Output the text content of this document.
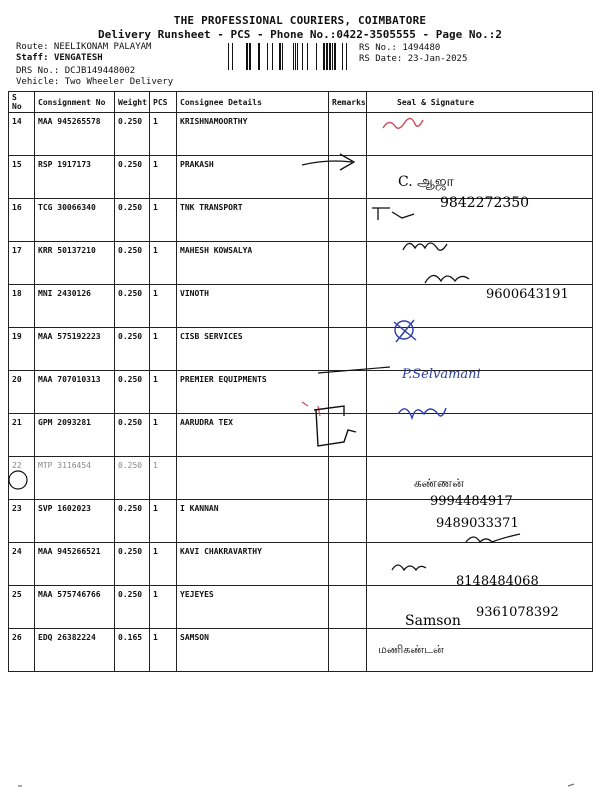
THE PROFESSIONAL COURIERS, COIMBATORE
Delivery Runsheet - PCS - Phone No.:0422-3505555 - Page No.:2
Route: NEELIKONAM PALAYAM
Staff: VENGATESH
DRS No.: DCJB149448002
Vehicle: Two Wheeler Delivery
RS No.: 1494480
RS Date: 23-Jan-2025
S No	Consignment No	Weight	PCS	Consignee Details	Remarks	Seal & Signature
14	MAA 945265578	0.250	1	KRISHNAMOORTHY		
15	RSP 1917173	0.250	1	PRAKASH		
16	TCG 30066340	0.250	1	TNK TRANSPORT		
17	KRR 50137210	0.250	1	MAHESH KOWSALYA		
18	MNI 2430126	0.250	1	VINOTH		
19	MAA 575192223	0.250	1	CISB SERVICES		
20	MAA 707010313	0.250	1	PREMIER EQUIPMENTS		
21	GPM 2093281	0.250	1	AARUDRA TEX		
22	MTP 3116454	0.250	1			
23	SVP 1602023	0.250	1	I KANNAN		
24	MAA 945266521	0.250	1	KAVI CHAKRAVARTHY		
25	MAA 575746766	0.250	1	YEJEYES		
26	EDQ 26382224	0.165	1	SAMSON		
C. ஆஜா
9842272350
9600643191
P.Selvamani
கண்ணன்
9994484917
9489033371
8148484068
Samson
9361078392
மணிகண்டன்
